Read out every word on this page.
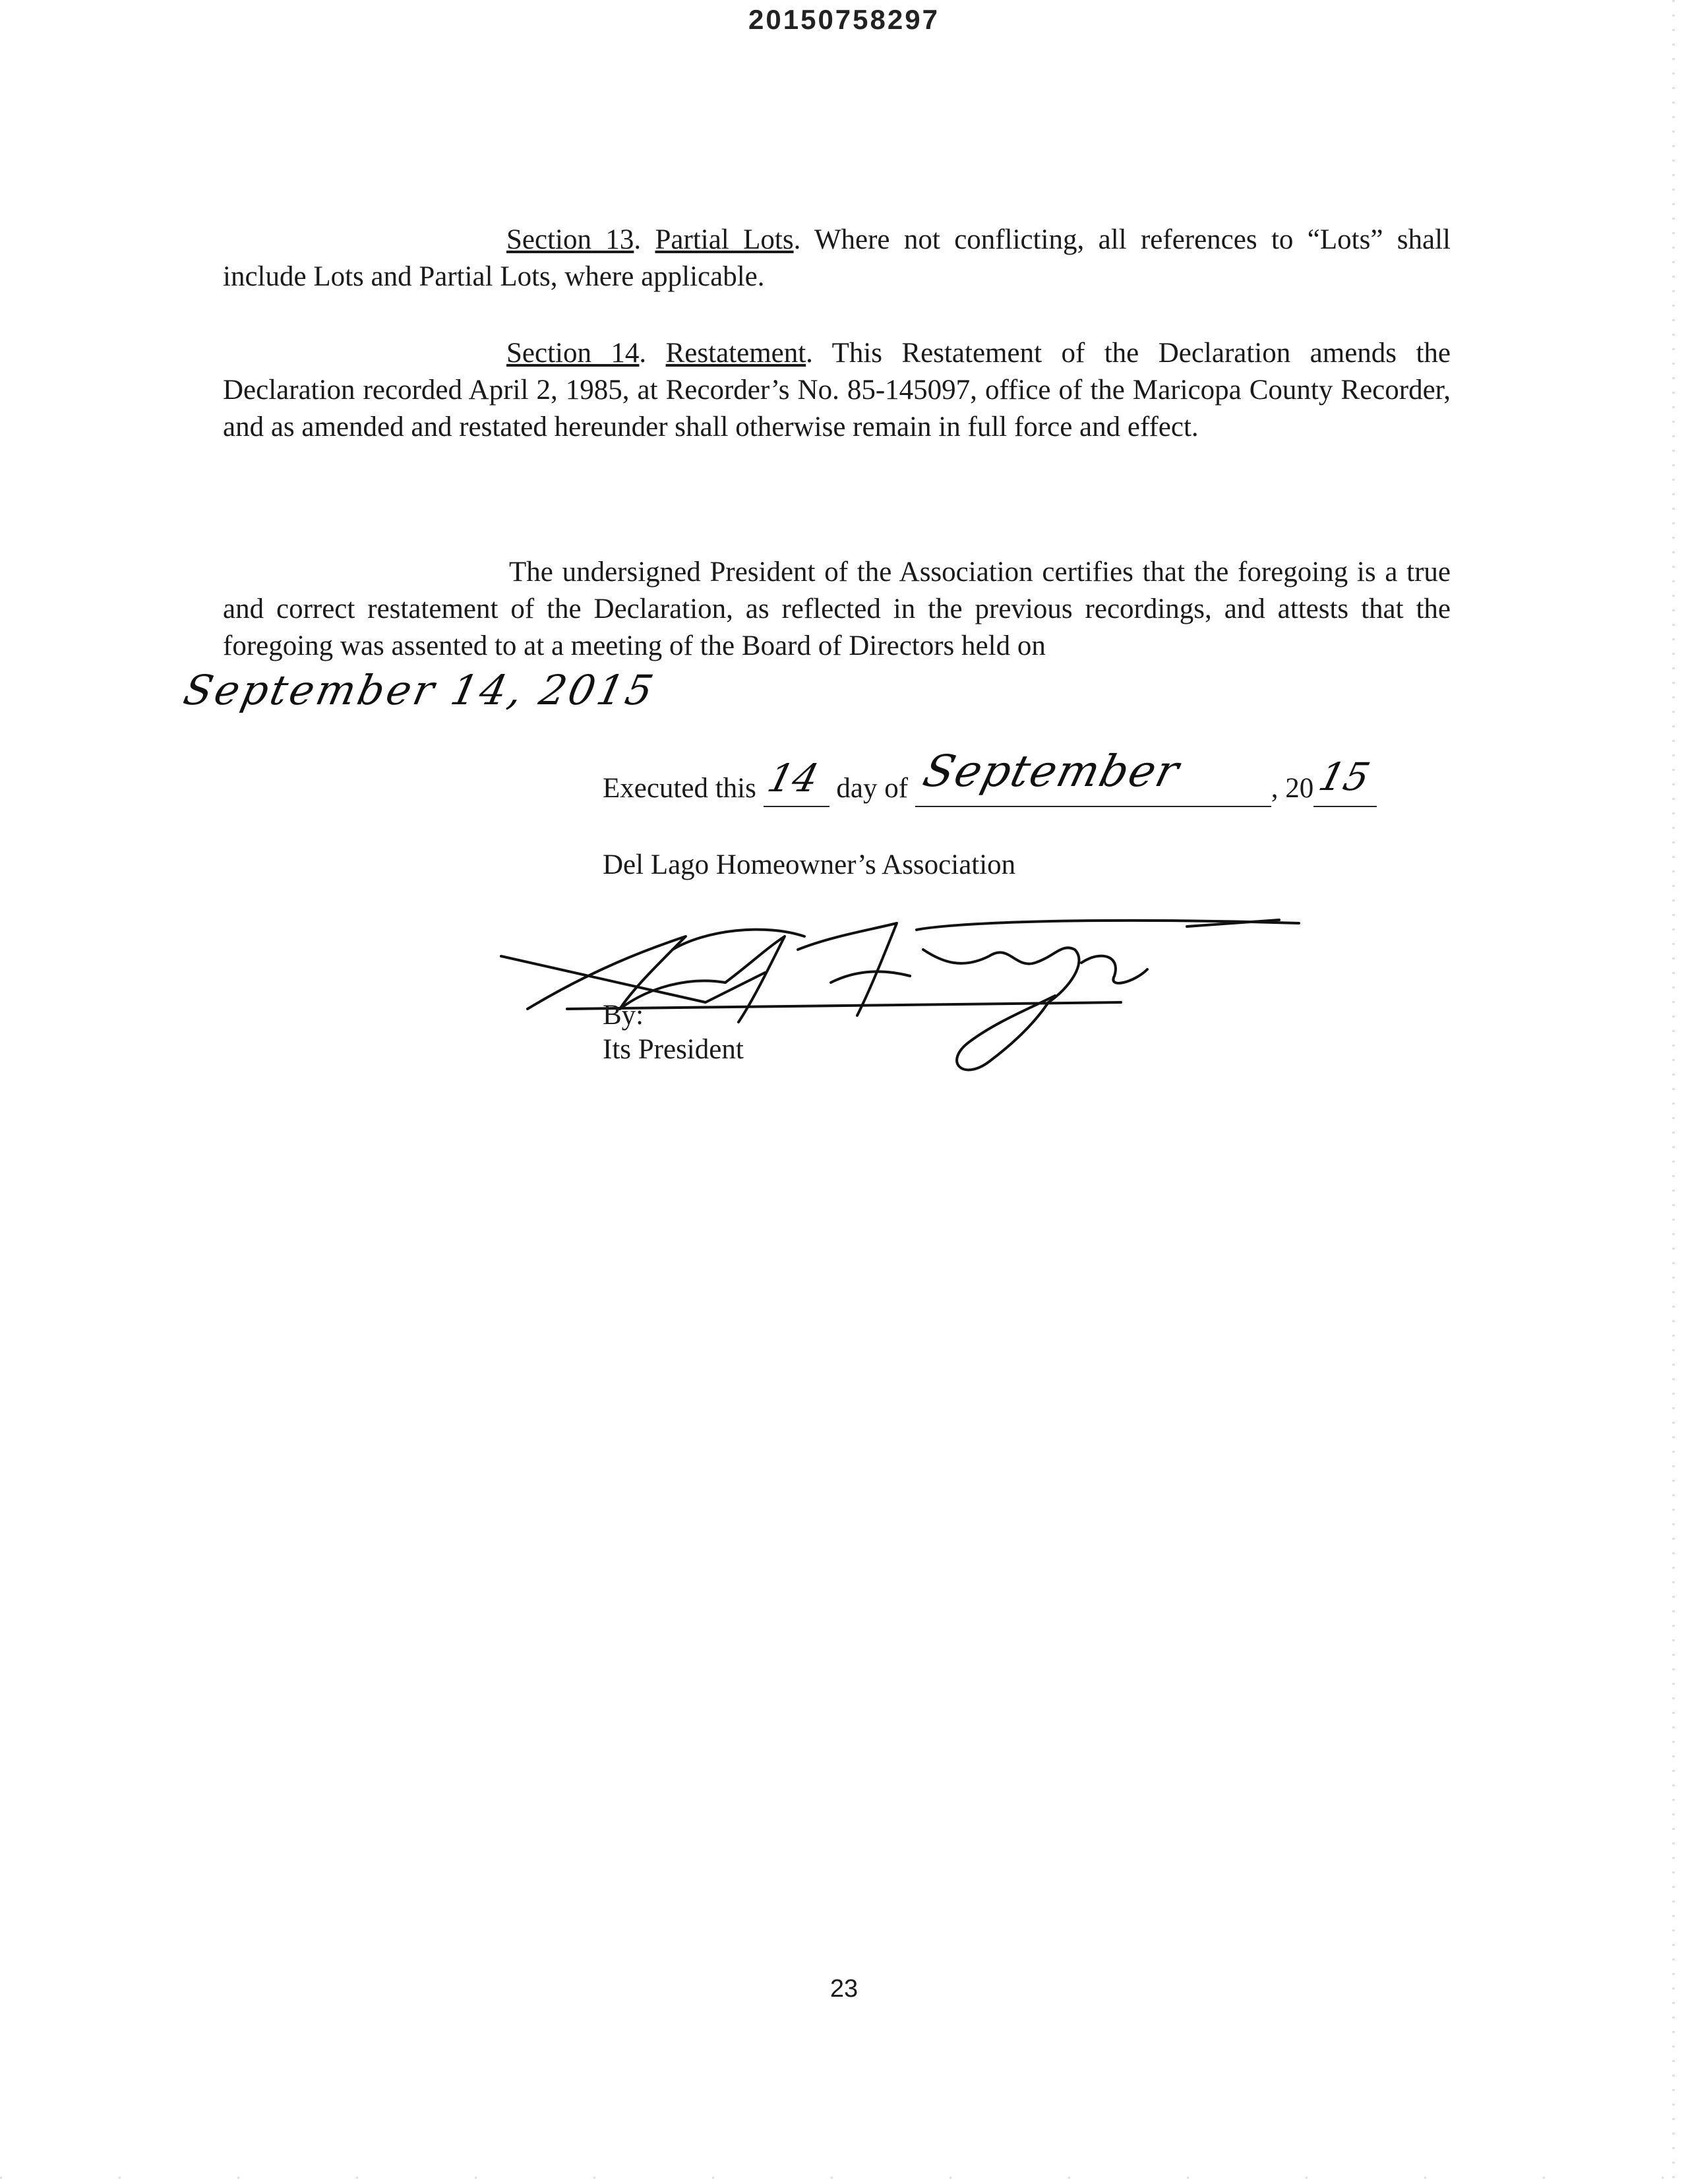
20150758297
Section 13. Partial Lots. Where not conflicting, all references to “Lots” shall include Lots and Partial Lots, where applicable.
Section 14. Restatement. This Restatement of the Declaration amends the Declaration recorded April 2, 1985, at Recorder’s No. 85-145097, office of the Maricopa County Recorder, and as amended and restated hereunder shall otherwise remain in full force and effect.
The undersigned President of the Association certifies that the foregoing is a true and correct restatement of the Declaration, as reflected in the previous recordings, and attests that the foregoing was assented to at a meeting of the Board of Directors held on
September 14, 2015
Executed this 14 day of September	, 20 15
Del Lago Homeowner’s Association
By:
Its President
23
